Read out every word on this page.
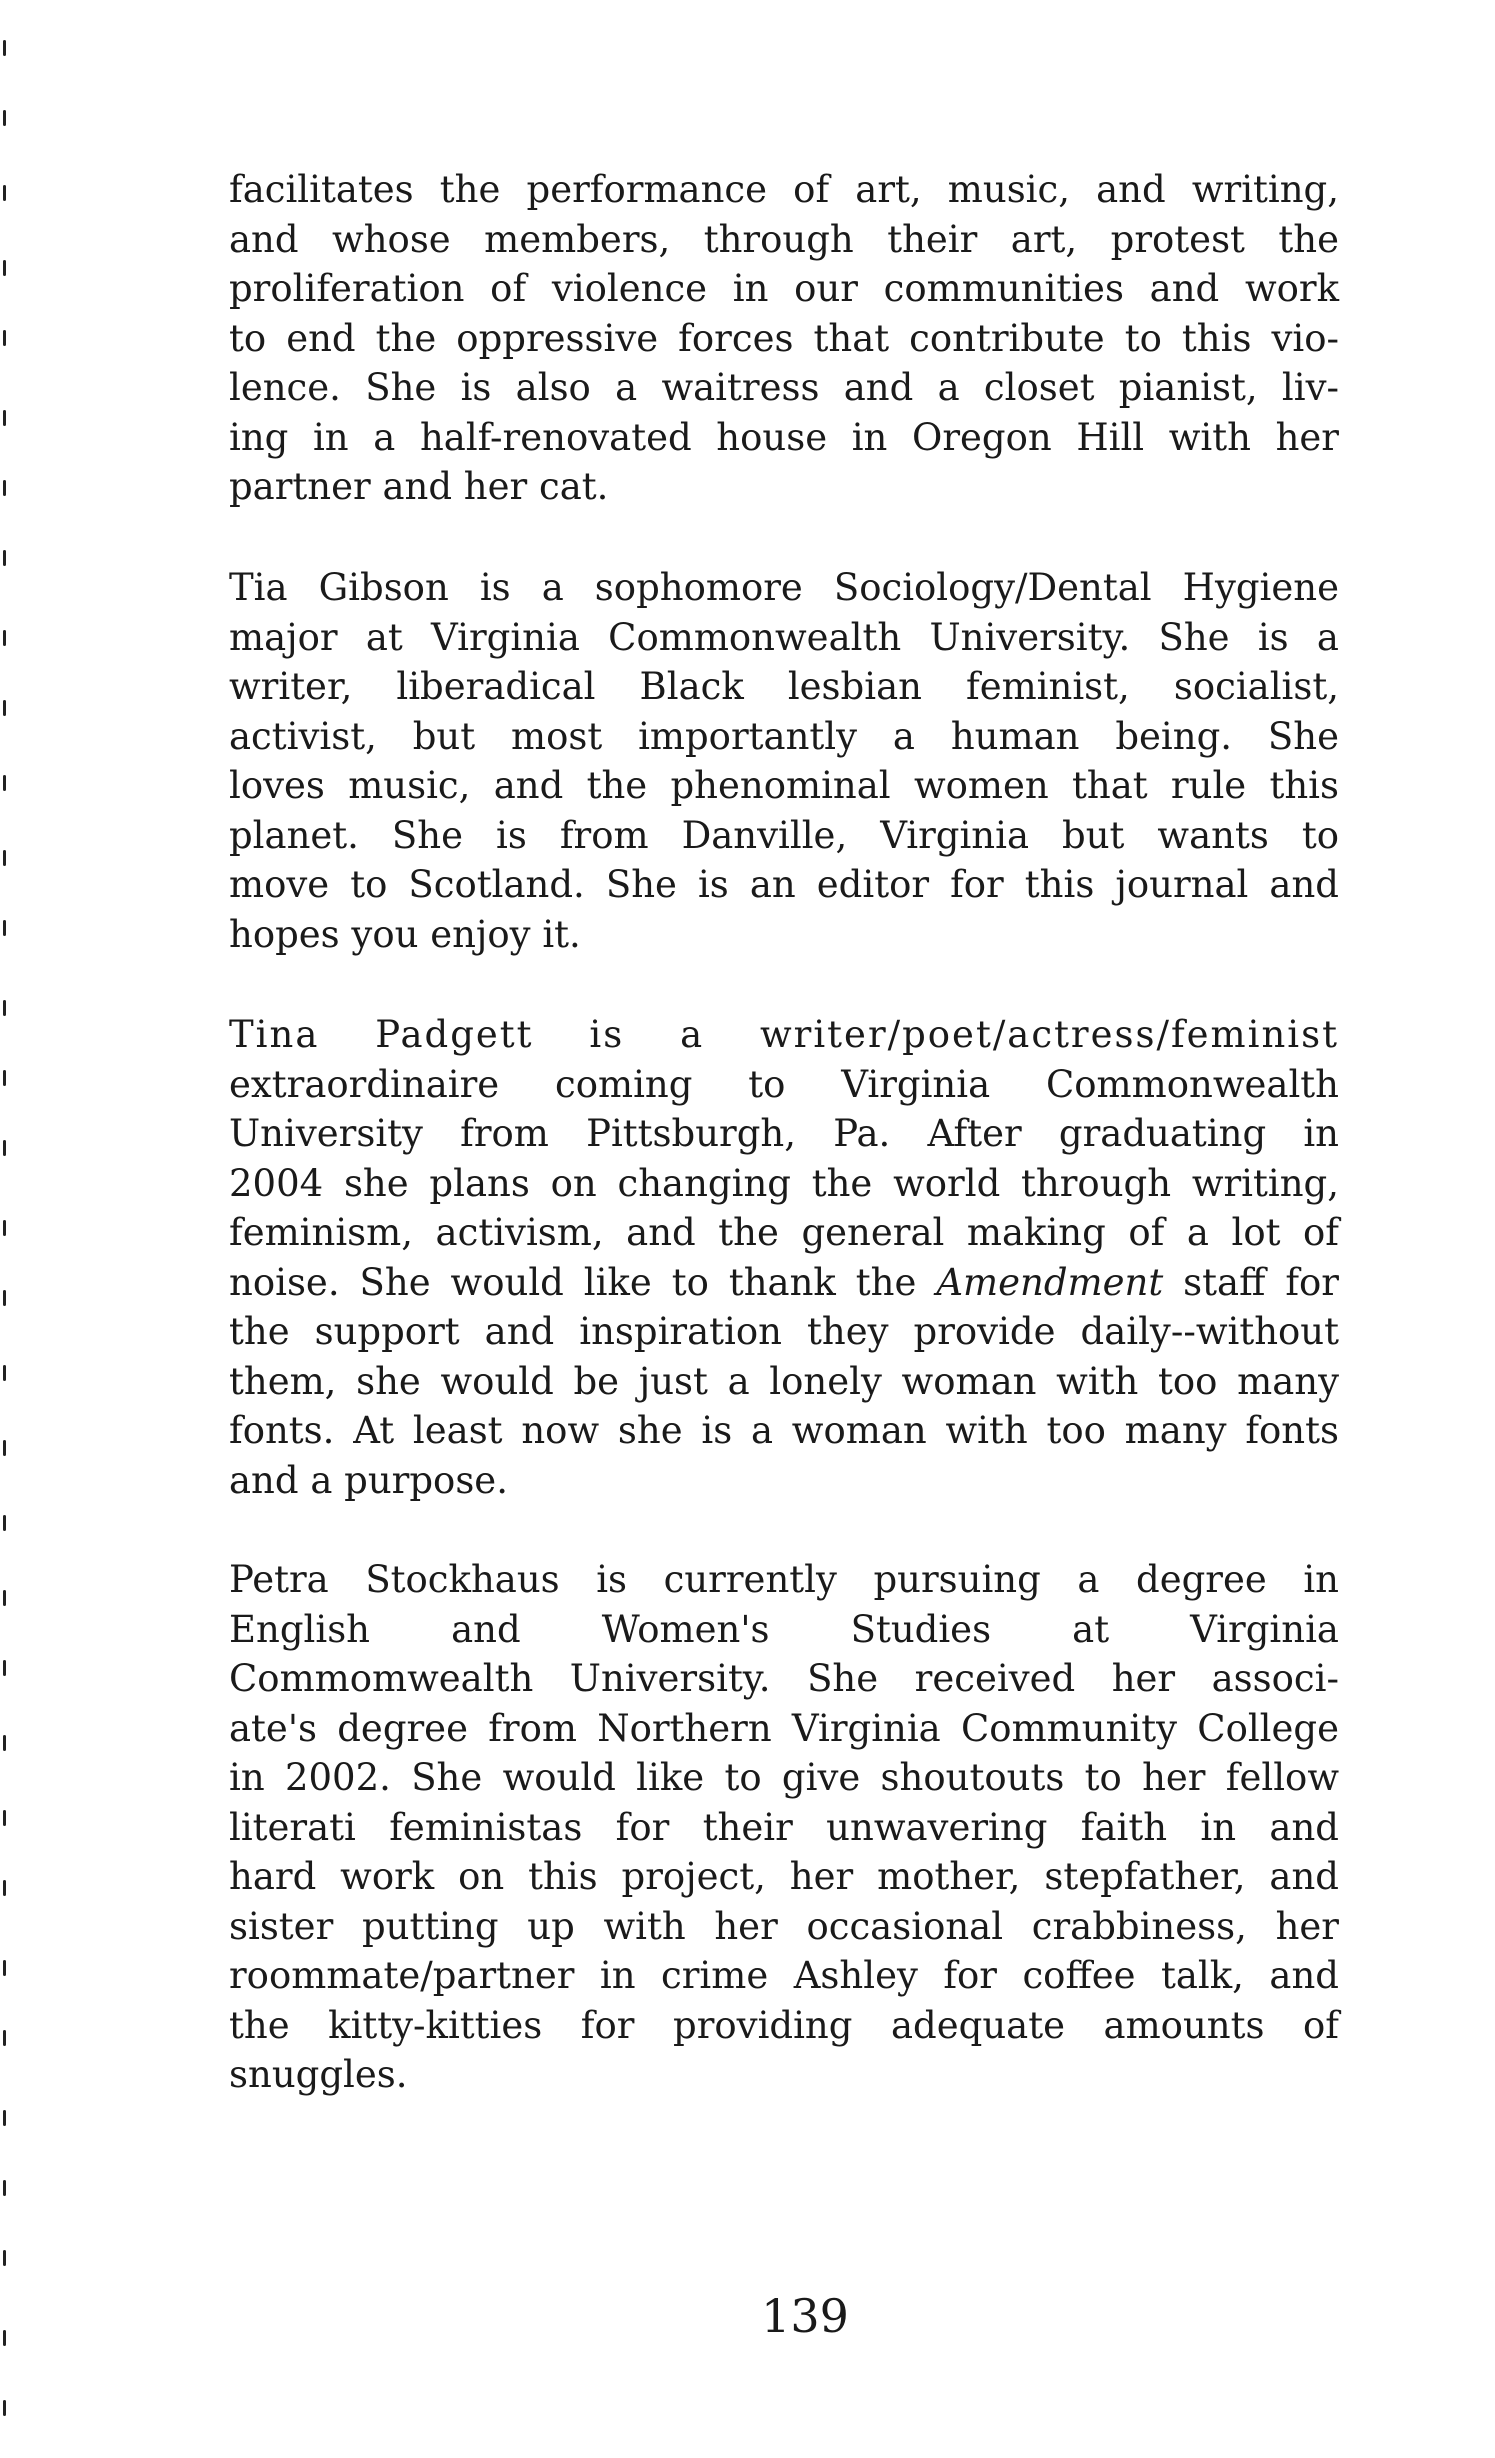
facilitates the performance of art, music, and writing,
and whose members, through their art, protest the
proliferation of violence in our communities and work
to end the oppressive forces that contribute to this vio-
lence. She is also a waitress and a closet pianist, liv-
ing in a half-renovated house in Oregon Hill with her
partner and her cat.
Tia Gibson is a sophomore Sociology/Dental Hygiene
major at Virginia Commonwealth University. She is a
writer, liberadical Black lesbian feminist, socialist,
activist, but most importantly a human being. She
loves music, and the phenominal women that rule this
planet. She is from Danville, Virginia but wants to
move to Scotland. She is an editor for this journal and
hopes you enjoy it.
Tina Padgett is a writer/poet/actress/feminist
extraordinaire coming to Virginia Commonwealth
University from Pittsburgh, Pa. After graduating in
2004 she plans on changing the world through writing,
feminism, activism, and the general making of a lot of
noise. She would like to thank the Amendment staff for
the support and inspiration they provide daily--without
them, she would be just a lonely woman with too many
fonts. At least now she is a woman with too many fonts
and a purpose.
Petra Stockhaus is currently pursuing a degree in
English and Women's Studies at Virginia
Commomwealth University. She received her associ-
ate's degree from Northern Virginia Community College
in 2002. She would like to give shoutouts to her fellow
literati feministas for their unwavering faith in and
hard work on this project, her mother, stepfather, and
sister putting up with her occasional crabbiness, her
roommate/partner in crime Ashley for coffee talk, and
the kitty-kitties for providing adequate amounts of
snuggles.
139
